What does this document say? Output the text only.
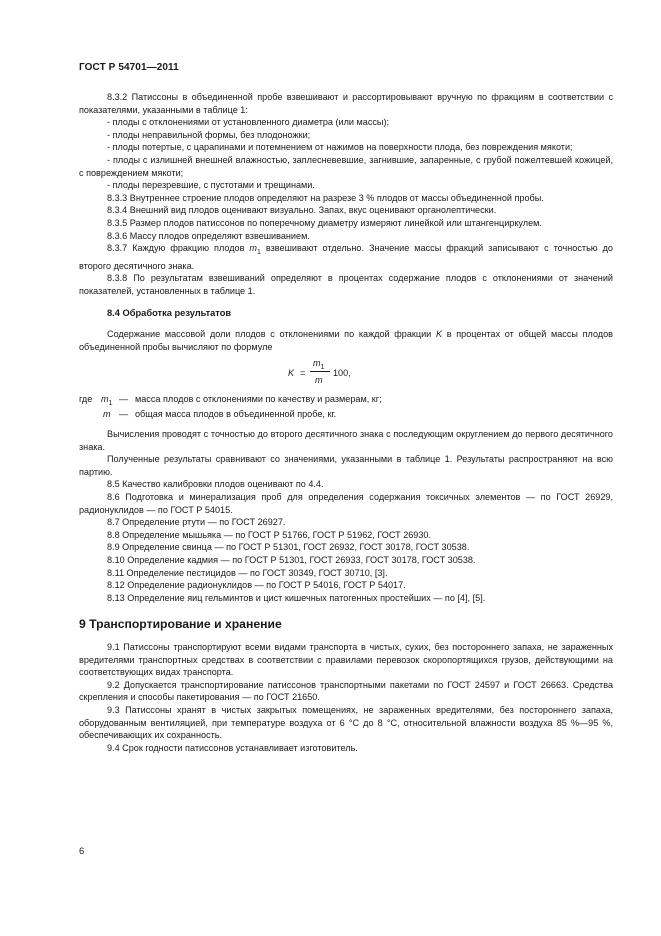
ГОСТ Р 54701—2011

8.3.2 Патиссоны в объединенной пробе взвешивают и рассортировывают вручную по фракциям в соответствии с показателями, указанными в таблице 1:

- плоды с отклонениями от установленного диаметра (или массы);

- плоды неправильной формы, без плодоножки;

- плоды потертые, с царапинами и потемнением от нажимов на поверхности плода, без повреждения мякоти;

- плоды с излишней внешней влажностью, заплесневевшие, загнившие, запаренные, с грубой пожелтевшей кожицей, с повреждением мякоти;

- плоды перезревшие, с пустотами и трещинами.

8.3.3 Внутреннее строение плодов определяют на разрезе 3 % плодов от массы объединенной пробы.

8.3.4 Внешний вид плодов оценивают визуально. Запах, вкус оценивают органолептически.

8.3.5 Размер плодов патиссонов по поперечному диаметру измеряют линейкой или штангенциркулем.

8.3.6 Массу плодов определяют взвешиванием.

8.3.7 Каждую фракцию плодов $m_1$ взвешивают отдельно. Значение массы фракций записывают с точностью до второго десятичного знака.

8.3.8 По результатам взвешиваний определяют в процентах содержание плодов с отклонениями от значений показателей, установленных в таблице 1.

8.4 Обработка результатов

Содержание массовой доли плодов с отклонениями по каждой фракции K в процентах от общей массы плодов объединенной пробы вычисляют по формуле

K =
$m_1$
m
100,
где $m_1$ — масса плодов с отклонениями по качеству и размерам, кг;
m — общая масса плодов в объединенной пробе, кг.

Вычисления проводят с точностью до второго десятичного знака с последующим округлением до первого десятичного знака.

Полученные результаты сравнивают со значениями, указанными в таблице 1. Результаты распространяют на всю партию.

8.5 Качество калибровки плодов оценивают по 4.4.

8.6 Подготовка и минерализация проб для определения содержания токсичных элементов — по ГОСТ 26929, радионуклидов — по ГОСТ Р 54015.

8.7 Определение ртути — по ГОСТ 26927.

8.8 Определение мышьяка — по ГОСТ Р 51766, ГОСТ Р 51962, ГОСТ 26930.

8.9 Определение свинца — по ГОСТ Р 51301, ГОСТ 26932, ГОСТ 30178, ГОСТ 30538.

8.10 Определение кадмия — по ГОСТ Р 51301, ГОСТ 26933, ГОСТ 30178, ГОСТ 30538.

8.11 Определение пестицидов — по ГОСТ 30349, ГОСТ 30710, [3].

8.12 Определение радионуклидов — по ГОСТ Р 54016, ГОСТ Р 54017.

8.13 Определение яиц гельминтов и цист кишечных патогенных простейших — по [4], [5].

9 Транспортирование и хранение

9.1 Патиссоны транспортируют всеми видами транспорта в чистых, сухих, без постороннего запаха, не зараженных вредителями транспортных средствах в соответствии с правилами перевозок скоропортящихся грузов, действующими на соответствующих видах транспорта.

9.2 Допускается транспортирование патиссонов транспортными пакетами по ГОСТ 24597 и ГОСТ 26663. Средства скрепления и способы пакетирования — по ГОСТ 21650.

9.3 Патиссоны хранят в чистых закрытых помещениях, не зараженных вредителями, без постороннего запаха, оборудованным вентиляцией, при температуре воздуха от 6 °C до 8 °C, относительной влажности воздуха 85 %—95 %, обеспечивающих их сохранность.

9.4 Срок годности патиссонов устанавливает изготовитель.

6
